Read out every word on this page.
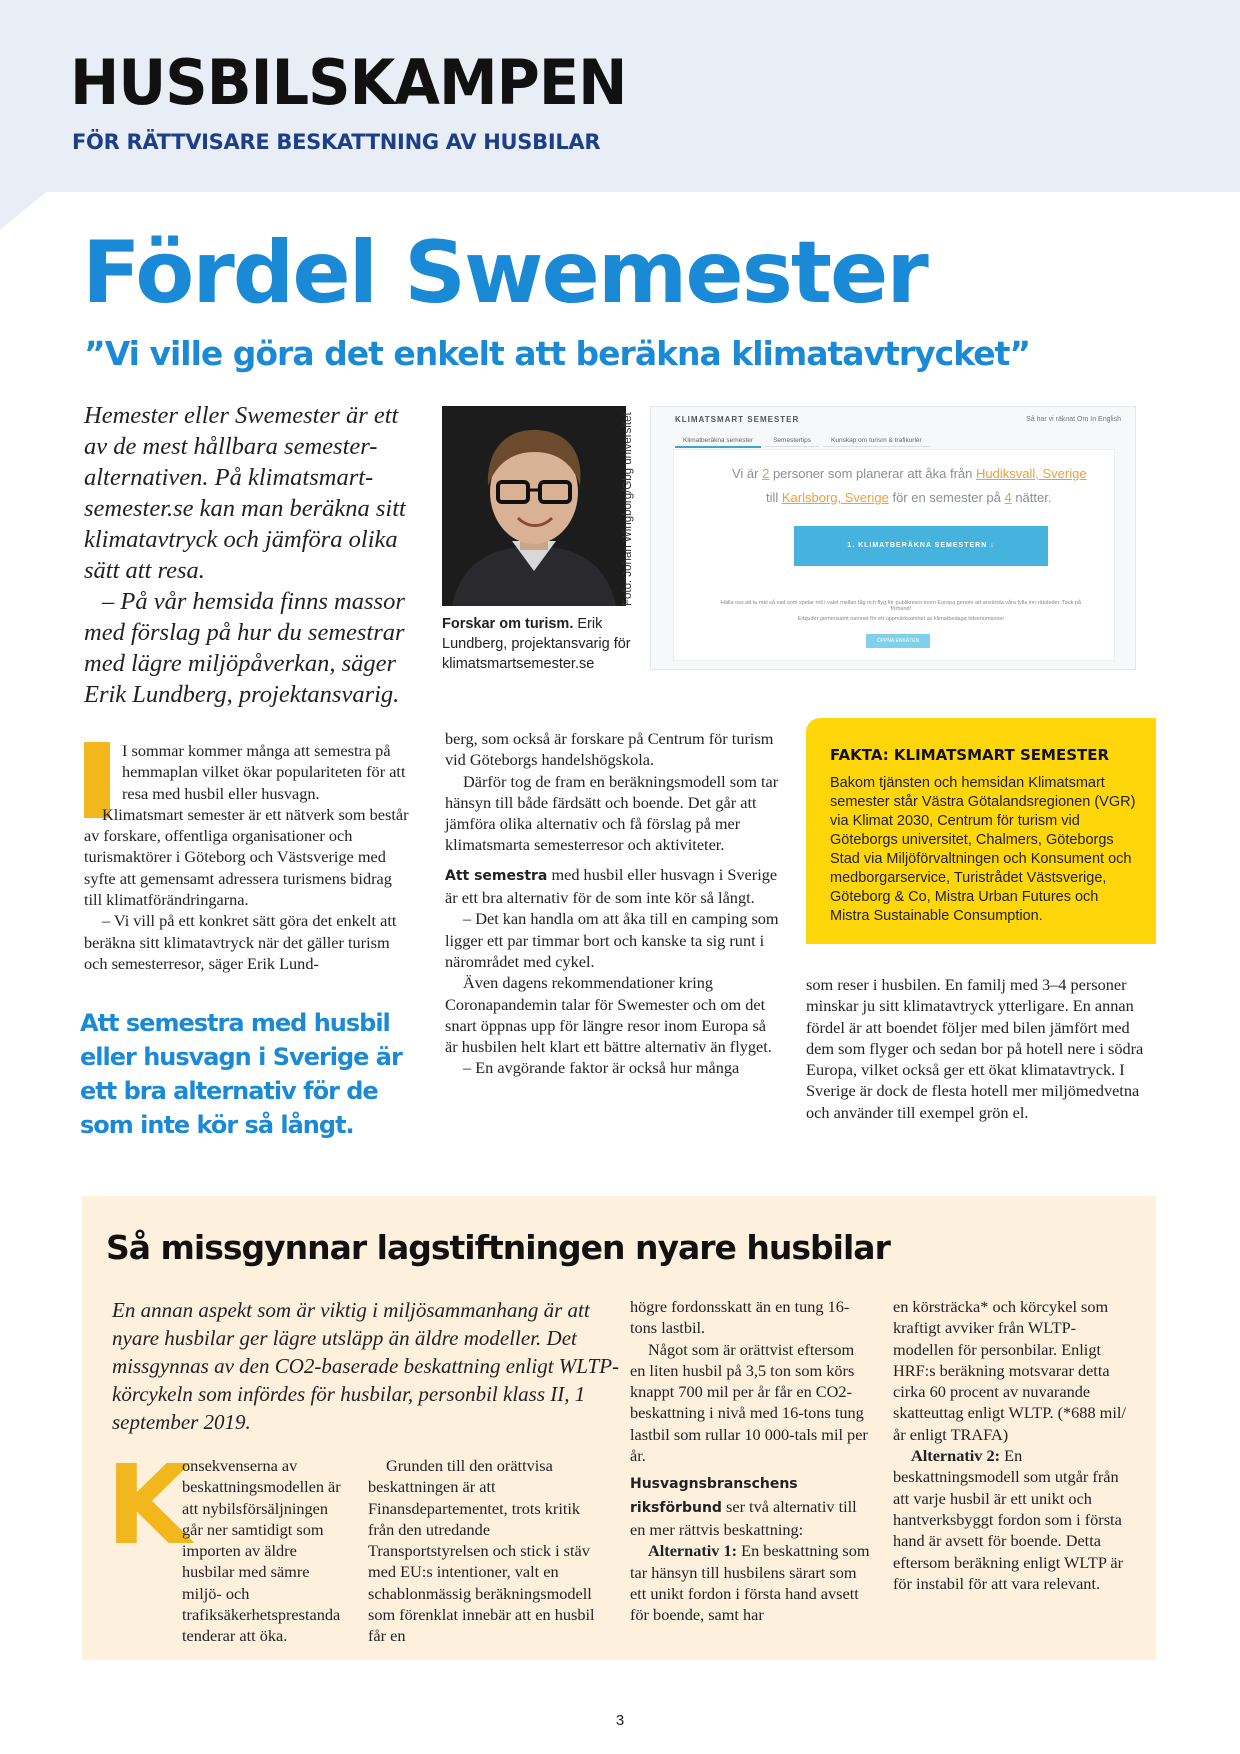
HUSBILSKAMPEN
FÖR RÄTTVISARE BESKATTNING AV HUSBILAR
Fördel Swemester
”Vi ville göra det enkelt att beräkna klimatavtrycket”

Hemester eller Swemester är ett av de mest hållbara semester-alternativen. På klimatsmart-semester.se kan man beräkna sitt klimatavtryck och jämföra olika sätt att resa.

– På vår hemsida finns massor med förslag på hur du semestrar med lägre miljöpåverkan, säger Erik Lundberg, projektansvarig.

Foto: Johan Wingborg/Gbg universitet
Forskar om turism. Erik Lundberg, projektansvarig för klimatsmartsemester.se
KLIMATSMART SEMESTER	Så har vi räknat Om In English
Klimatberäkna semester	Semestertips	Kunskap om turism & trafikurler
Vi är 2 personer som planerar att åka från Hudiksvall, Sverige
till Karlsborg, Sverige för en semester på 4 nätter.
1. KLIMATBERÄKNA SEMESTERN ↓
Hälla oss att tu mkt så vad som spelar roll i valet mellan tåg och flyg för publikresor inom Europa genom att använda våra fylla inn rätoleder. Tack på förhand!
Erbjuder gemensamt namnet för ett uppmärksamhet av klimatbedaga tidsenomsoner
ÖPPNA ENKÄTEN

I sommar kommer många att semestra på hemmaplan vilket ökar populariteten för att resa med husbil eller husvagn.

Klimatsmart semester är ett nätverk som består av forskare, offentliga organisationer och turismaktörer i Göteborg och Västsverige med syfte att gemensamt adressera turismens bidrag till klimatförändringarna.

– Vi vill på ett konkret sätt göra det enkelt att beräkna sitt klimatavtryck när det gäller turism och semesterresor, säger Erik Lund-

Att semestra med husbil eller husvagn i Sverige är ett bra alternativ för de som inte kör så långt.

berg, som också är forskare på Centrum för turism vid Göteborgs handelshögskola.

Därför tog de fram en beräkningsmodell som tar hänsyn till både färdsätt och boende. Det går att jämföra olika alternativ och få förslag på mer klimatsmarta semesterresor och aktiviteter.

Att semestra med husbil eller husvagn i Sverige är ett bra alternativ för de som inte kör så långt.

– Det kan handla om att åka till en camping som ligger ett par timmar bort och kanske ta sig runt i närområdet med cykel.

Även dagens rekommendationer kring Coronapandemin talar för Swemester och om det snart öppnas upp för längre resor inom Europa så är husbilen helt klart ett bättre alternativ än flyget.

– En avgörande faktor är också hur många

FAKTA: KLIMATSMART SEMESTER
Bakom tjänsten och hemsidan Klimatsmart semester står Västra Götalandsregionen (VGR) via Klimat 2030, Centrum för turism vid Göteborgs universitet, Chalmers, Göteborgs Stad via Miljöförvaltningen och Konsument och medborgarservice, Turistrådet Västsverige, Göteborg & Co, Mistra Urban Futures och Mistra Sustainable Consumption.

som reser i husbilen. En familj med 3–4 personer minskar ju sitt klimatavtryck ytterligare. En annan fördel är att boendet följer med bilen jämfört med dem som flyger och sedan bor på hotell nere i södra Europa, vilket också ger ett ökat klimatavtryck. I Sverige är dock de flesta hotell mer miljömedvetna och använder till exempel grön el.

Så missgynnar lagstiftningen nyare husbilar
En annan aspekt som är viktig i miljösammanhang är att nyare husbilar ger lägre utsläpp än äldre modeller. Det missgynnas av den CO2-baserade beskattning enligt WLTP-körcykeln som infördes för husbilar, personbil klass II, 1 september 2019.
K

onsekvenserna av beskattningsmodellen är att nybilsförsäljningen går ner samtidigt som importen av äldre husbilar med sämre miljö- och trafiksäkerhetsprestanda tenderar att öka.

Grunden till den orättvisa beskattningen är att Finansdepartementet, trots kritik från den utredande Transportstyrelsen och stick i stäv med EU:s intentioner, valt en schablonmässig beräkningsmodell som förenklat innebär att en husbil får en

högre fordonsskatt än en tung 16-tons lastbil.

Något som är orättvist eftersom en liten husbil på 3,5 ton som körs knappt 700 mil per år får en CO2-beskattning i nivå med 16-tons tung lastbil som rullar 10 000-tals mil per år.

Husvagnsbranschens riksförbund ser två alternativ till en mer rättvis beskattning:

Alternativ 1: En beskattning som tar hänsyn till husbilens särart som ett unikt fordon i första hand avsett för boende, samt har

en körsträcka* och körcykel som kraftigt avviker från WLTP-modellen för personbilar. Enligt HRF:s beräkning motsvarar detta cirka 60 procent av nuvarande skatteuttag enligt WLTP. (*688 mil/år enligt TRAFA)

Alternativ 2: En beskattningsmodell som utgår från att varje husbil är ett unikt och hantverksbyggt fordon som i första hand är avsett för boende. Detta eftersom beräkning enligt WLTP är för instabil för att vara relevant.

3
